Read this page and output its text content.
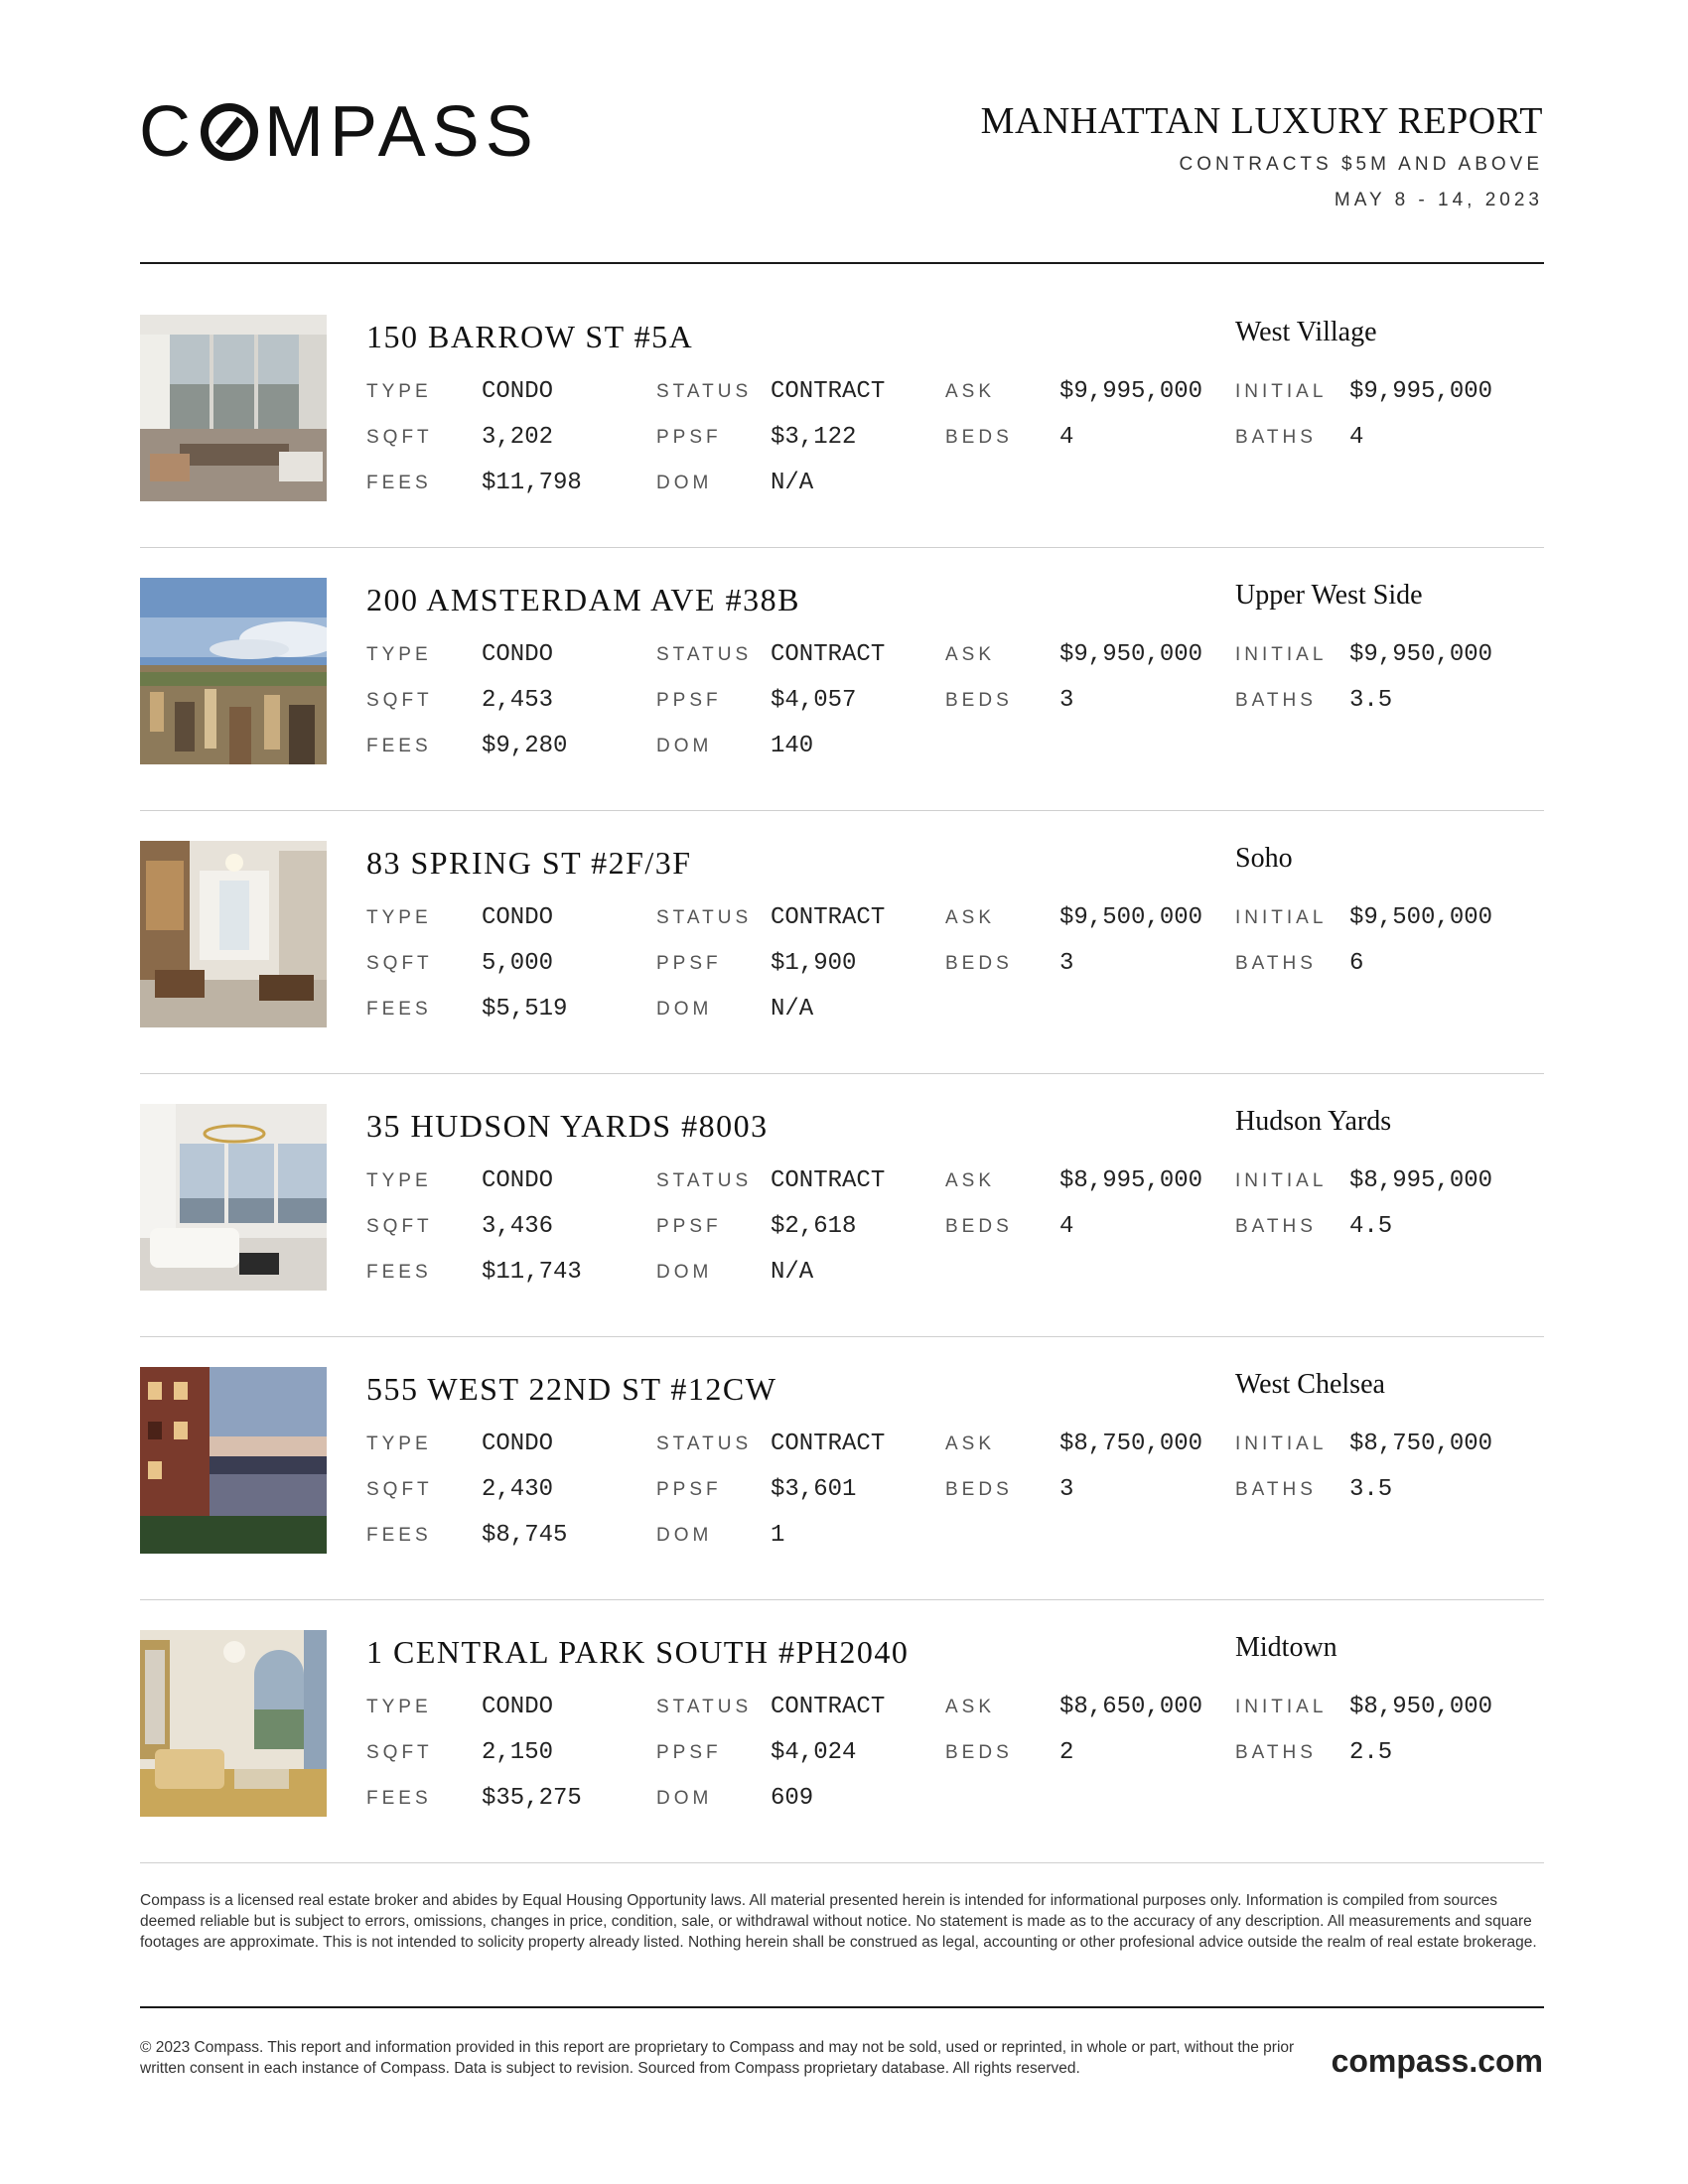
C MPASS	MANHATTAN LUXURY REPORT
CONTRACTS $5M AND ABOVE
MAY 8 - 14, 2023
150 BARROW ST #5A	West Village
TYPE CONDO	STATUS CONTRACT	ASK	$9,995,000 INITIAL $9,995,000
SQFT 3,202	PPSF $3,122	BEDS 4	BATHS 4
FEES $11,798	DOM N/A
200 AMSTERDAM AVE #38B	Upper West Side
TYPE CONDO	STATUS CONTRACT	ASK	$9,950,000 INITIAL $9,950,000
SQFT 2,453	PPSF $4,057	BEDS 3	BATHS 3.5
FEES $9,280	DOM 140
83 SPRING ST #2F/3F	Soho
TYPE CONDO	STATUS CONTRACT	ASK	$9,500,000 INITIAL $9,500,000
SQFT 5,000	PPSF $1,900	BEDS 3	BATHS 6
FEES $5,519	DOM N/A
35 HUDSON YARDS #8003	Hudson Yards
TYPE CONDO	STATUS CONTRACT	ASK	$8,995,000 INITIAL $8,995,000
SQFT 3,436	PPSF $2,618	BEDS 4	BATHS 4.5
FEES $11,743	DOM N/A
555 WEST 22ND ST #12CW	West Chelsea
TYPE CONDO	STATUS CONTRACT	ASK	$8,750,000 INITIAL $8,750,000
SQFT 2,430	PPSF $3,601	BEDS 3	BATHS 3.5
FEES $8,745	DOM 1
1 CENTRAL PARK SOUTH #PH2040	Midtown
TYPE CONDO	STATUS CONTRACT	ASK	$8,650,000 INITIAL $8,950,000
SQFT 2,150	PPSF $4,024	BEDS 2	BATHS 2.5
FEES $35,275	DOM 609
Compass is a licensed real estate broker and abides by Equal Housing Opportunity laws. All material presented herein is intended for informational purposes only. Information is compiled from sources deemed reliable but is subject to errors, omissions, changes in price, condition, sale, or withdrawal without notice. No statement is made as to the accuracy of any description. All measurements and square footages are approximate. This is not intended to solicity property already listed. Nothing herein shall be construed as legal, accounting or other profesional advice outside the realm of real estate brokerage.
© 2023 Compass. This report and information provided in this report are proprietary to Compass and may not be sold, used or reprinted, in whole or part, without the prior written consent in each instance of Compass. Data is subject to revision. Sourced from Compass proprietary database. All rights reserved.	compass.com
